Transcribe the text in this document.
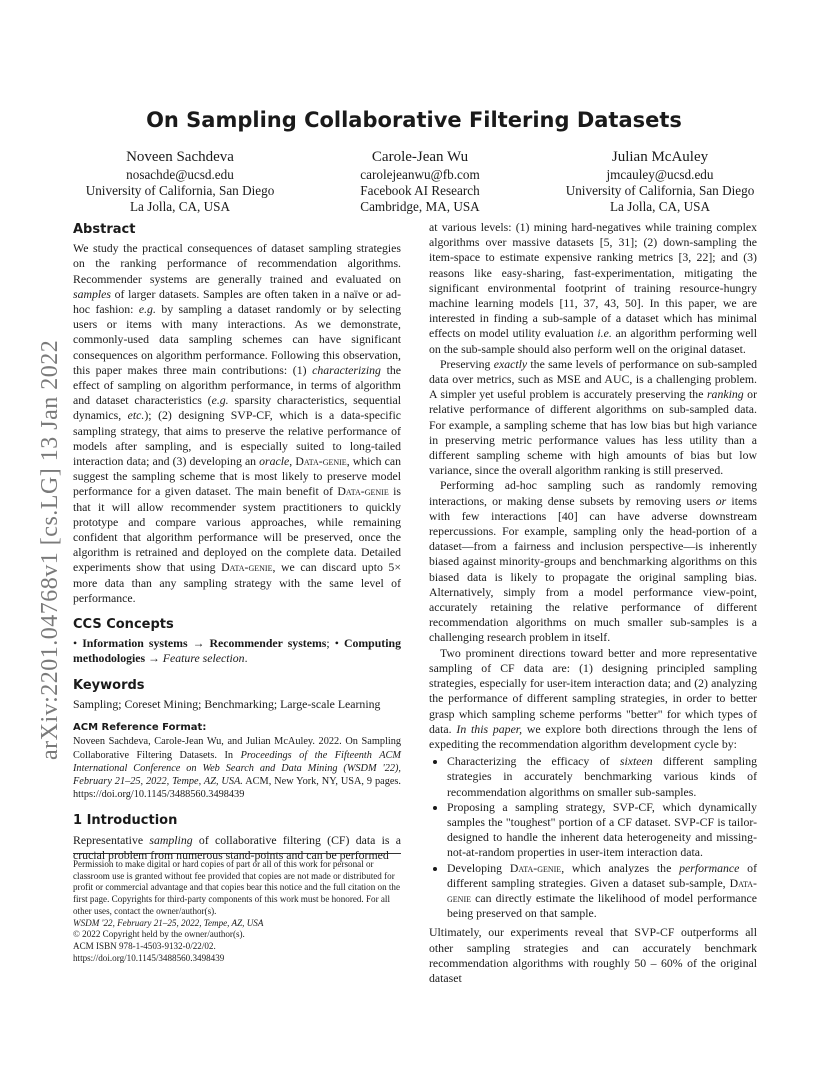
arXiv:2201.04768v1 [cs.LG] 13 Jan 2022
On Sampling Collaborative Filtering Datasets
Noveen Sachdeva
nosachde@ucsd.edu
University of California, San Diego
La Jolla, CA, USA
Carole-Jean Wu
carolejeanwu@fb.com
Facebook AI Research
Cambridge, MA, USA
Julian McAuley
jmcauley@ucsd.edu
University of California, San Diego
La Jolla, CA, USA
Abstract

We study the practical consequences of dataset sampling strategies on the ranking performance of recommendation algorithms. Recommender systems are generally trained and evaluated on samples of larger datasets. Samples are often taken in a naïve or ad-hoc fashion: e.g. by sampling a dataset randomly or by selecting users or items with many interactions. As we demonstrate, commonly-used data sampling schemes can have significant consequences on algorithm performance. Following this observation, this paper makes three main contributions: (1) characterizing the effect of sampling on algorithm performance, in terms of algorithm and dataset characteristics (e.g. sparsity characteristics, sequential dynamics, etc.); (2) designing SVP-CF, which is a data-specific sampling strategy, that aims to preserve the relative performance of models after sampling, and is especially suited to long-tailed interaction data; and (3) developing an oracle, Data-genie, which can suggest the sampling scheme that is most likely to preserve model performance for a given dataset. The main benefit of Data-genie is that it will allow recommender system practitioners to quickly prototype and compare various approaches, while remaining confident that algorithm performance will be preserved, once the algorithm is retrained and deployed on the complete data. Detailed experiments show that using Data-genie, we can discard upto 5× more data than any sampling strategy with the same level of performance.

CCS Concepts

• Information systems → Recommender systems; • Computing methodologies → Feature selection.

Keywords

Sampling; Coreset Mining; Benchmarking; Large-scale Learning

ACM Reference Format:

Noveen Sachdeva, Carole-Jean Wu, and Julian McAuley. 2022. On Sampling Collaborative Filtering Datasets. In Proceedings of the Fifteenth ACM International Conference on Web Search and Data Mining (WSDM '22), February 21–25, 2022, Tempe, AZ, USA. ACM, New York, NY, USA, 9 pages. https://doi.org/10.1145/3488560.3498439

1 Introduction

Representative sampling of collaborative filtering (CF) data is a crucial problem from numerous stand-points and can be performed

Permission to make digital or hard copies of part or all of this work for personal or classroom use is granted without fee provided that copies are not made or distributed for profit or commercial advantage and that copies bear this notice and the full citation on the first page. Copyrights for third-party components of this work must be honored. For all other uses, contact the owner/author(s).

WSDM '22, February 21–25, 2022, Tempe, AZ, USA

© 2022 Copyright held by the owner/author(s).

ACM ISBN 978-1-4503-9132-0/22/02.

https://doi.org/10.1145/3488560.3498439

at various levels: (1) mining hard-negatives while training complex algorithms over massive datasets [5, 31]; (2) down-sampling the item-space to estimate expensive ranking metrics [3, 22]; and (3) reasons like easy-sharing, fast-experimentation, mitigating the significant environmental footprint of training resource-hungry machine learning models [11, 37, 43, 50]. In this paper, we are interested in finding a sub-sample of a dataset which has minimal effects on model utility evaluation i.e. an algorithm performing well on the sub-sample should also perform well on the original dataset.

Preserving exactly the same levels of performance on sub-sampled data over metrics, such as MSE and AUC, is a challenging problem. A simpler yet useful problem is accurately preserving the ranking or relative performance of different algorithms on sub-sampled data. For example, a sampling scheme that has low bias but high variance in preserving metric performance values has less utility than a different sampling scheme with high amounts of bias but low variance, since the overall algorithm ranking is still preserved.

Performing ad-hoc sampling such as randomly removing interactions, or making dense subsets by removing users or items with few interactions [40] can have adverse downstream repercussions. For example, sampling only the head-portion of a dataset—from a fairness and inclusion perspective—is inherently biased against minority-groups and benchmarking algorithms on this biased data is likely to propagate the original sampling bias. Alternatively, simply from a model performance view-point, accurately retaining the relative performance of different recommendation algorithms on much smaller sub-samples is a challenging research problem in itself.

Two prominent directions toward better and more representative sampling of CF data are: (1) designing principled sampling strategies, especially for user-item interaction data; and (2) analyzing the performance of different sampling strategies, in order to better grasp which sampling scheme performs "better" for which types of data. In this paper, we explore both directions through the lens of expediting the recommendation algorithm development cycle by:

• Characterizing the efficacy of sixteen different sampling strategies in accurately benchmarking various kinds of recommendation algorithms on smaller sub-samples.
• Proposing a sampling strategy, SVP-CF, which dynamically samples the "toughest" portion of a CF dataset. SVP-CF is tailor-designed to handle the inherent data heterogeneity and missing-not-at-random properties in user-item interaction data.
• Developing Data-genie, which analyzes the performance of different sampling strategies. Given a dataset sub-sample, Data-genie can directly estimate the likelihood of model performance being preserved on that sample.

Ultimately, our experiments reveal that SVP-CF outperforms all other sampling strategies and can accurately benchmark recommendation algorithms with roughly 50 – 60% of the original dataset
